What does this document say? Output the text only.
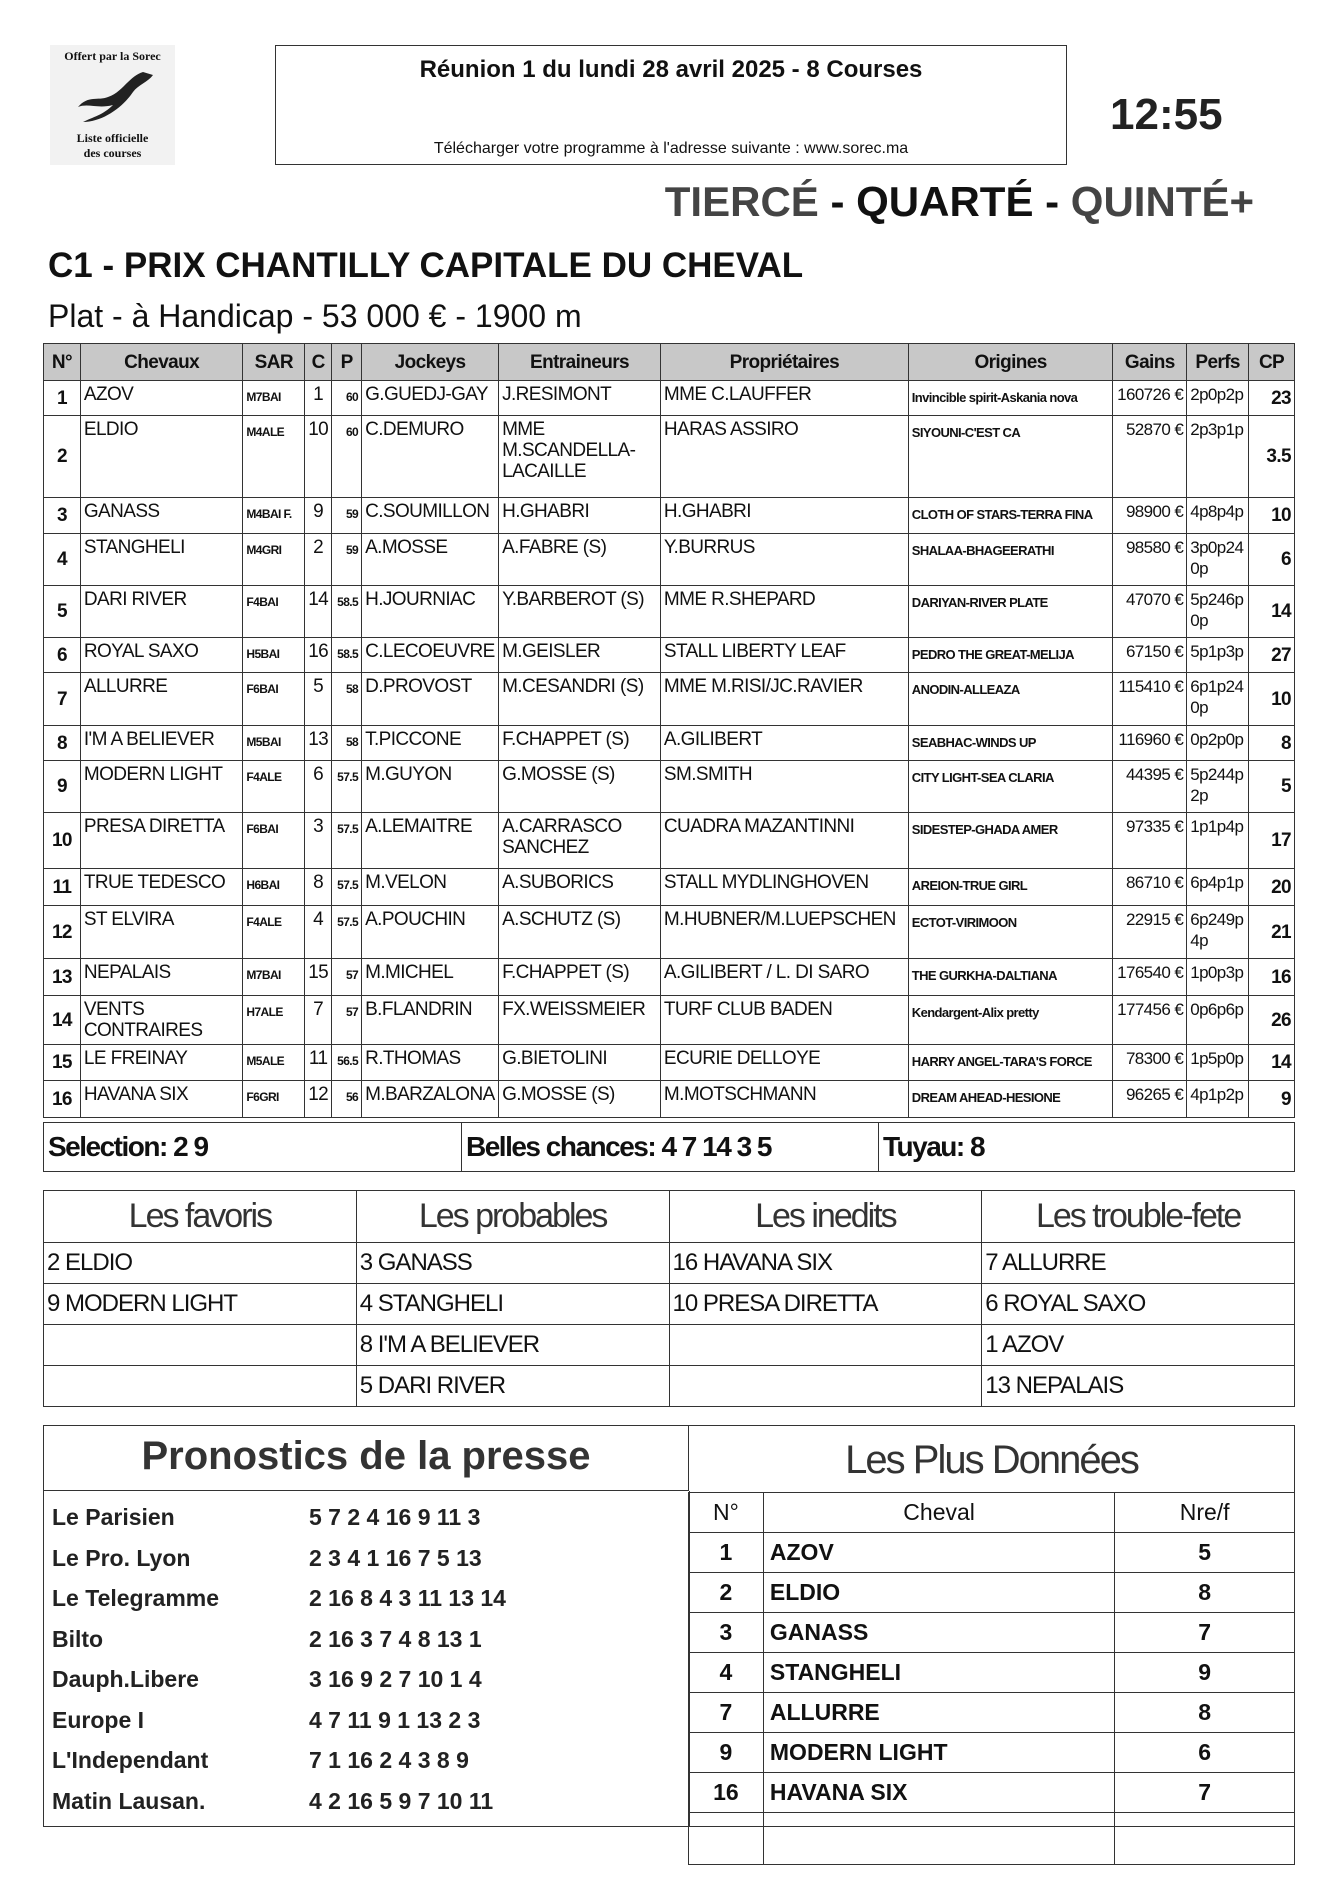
Offert par la Sorec
Liste officielle
des courses
Réunion 1 du lundi 28 avril 2025 - 8 Courses
Télécharger votre programme à l'adresse suivante : www.sorec.ma
12:55
TIERCÉ - QUARTÉ - QUINTÉ+
C1 - PRIX CHANTILLY CAPITALE DU CHEVAL
Plat - à Handicap - 53 000 € - 1900 m
N°	Chevaux	SAR	C	P	Jockeys	Entraineurs	Propriétaires	Origines	Gains	Perfs	CP
1	AZOV	M7BAI	1	60	G.GUEDJ-GAY	J.RESIMONT	MME C.LAUFFER	Invincible spirit-Askania nova	160726 €	2p0p2p	23
2	ELDIO	M4ALE	10	60	C.DEMURO	MME M.SCANDELLA-LACAILLE	HARAS ASSIRO	SIYOUNI-C'EST CA	52870 €	2p3p1p	3.5
3	GANASS	M4BAI F.	9	59	C.SOUMILLON	H.GHABRI	H.GHABRI	CLOTH OF STARS-TERRA FINA	98900 €	4p8p4p	10
4	STANGHELI	M4GRI	2	59	A.MOSSE	A.FABRE (S)	Y.BURRUS	SHALAA-BHAGEERATHI	98580 €	3p0p240p	6
5	DARI RIVER	F4BAI	14	58.5	H.JOURNIAC	Y.BARBEROT (S)	MME R.SHEPARD	DARIYAN-RIVER PLATE	47070 €	5p246p0p	14
6	ROYAL SAXO	H5BAI	16	58.5	C.LECOEUVRE	M.GEISLER	STALL LIBERTY LEAF	PEDRO THE GREAT-MELIJA	67150 €	5p1p3p	27
7	ALLURRE	F6BAI	5	58	D.PROVOST	M.CESANDRI (S)	MME M.RISI/JC.RAVIER	ANODIN-ALLEAZA	115410 €	6p1p240p	10
8	I'M A BELIEVER	M5BAI	13	58	T.PICCONE	F.CHAPPET (S)	A.GILIBERT	SEABHAC-WINDS UP	116960 €	0p2p0p	8
9	MODERN LIGHT	F4ALE	6	57.5	M.GUYON	G.MOSSE (S)	SM.SMITH	CITY LIGHT-SEA CLARIA	44395 €	5p244p2p	5
10	PRESA DIRETTA	F6BAI	3	57.5	A.LEMAITRE	A.CARRASCO SANCHEZ	CUADRA MAZANTINNI	SIDESTEP-GHADA AMER	97335 €	1p1p4p	17
11	TRUE TEDESCO	H6BAI	8	57.5	M.VELON	A.SUBORICS	STALL MYDLINGHOVEN	AREION-TRUE GIRL	86710 €	6p4p1p	20
12	ST ELVIRA	F4ALE	4	57.5	A.POUCHIN	A.SCHUTZ (S)	M.HUBNER/M.LUEPSCHEN	ECTOT-VIRIMOON	22915 €	6p249p4p	21
13	NEPALAIS	M7BAI	15	57	M.MICHEL	F.CHAPPET (S)	A.GILIBERT / L. DI SARO	THE GURKHA-DALTIANA	176540 €	1p0p3p	16
14	VENTS CONTRAIRES	H7ALE	7	57	B.FLANDRIN	FX.WEISSMEIER	TURF CLUB BADEN	Kendargent-Alix pretty	177456 €	0p6p6p	26
15	LE FREINAY	M5ALE	11	56.5	R.THOMAS	G.BIETOLINI	ECURIE DELLOYE	HARRY ANGEL-TARA'S FORCE	78300 €	1p5p0p	14
16	HAVANA SIX	F6GRI	12	56	M.BARZALONA	G.MOSSE (S)	M.MOTSCHMANN	DREAM AHEAD-HESIONE	96265 €	4p1p2p	9
Selection: 2 9	Belles chances: 4 7 14 3 5	Tuyau: 8
Les favoris	Les probables	Les inedits	Les trouble-fete
2 ELDIO	3 GANASS	16 HAVANA SIX	7 ALLURRE
9 MODERN LIGHT	4 STANGHELI	10 PRESA DIRETTA	6 ROYAL SAXO
	8 I'M A BELIEVER		1 AZOV
	5 DARI RIVER		13 NEPALAIS
Pronostics de la presse	Les Plus Données
Le Parisien	5 7 2 4 16 9 11 3
Le Pro. Lyon	2 3 4 1 16 7 5 13
Le Telegramme	2 16 8 4 3 11 13 14
Bilto	2 16 3 7 4 8 13 1
Dauph.Libere	3 16 9 2 7 10 1 4
Europe I	4 7 11 9 1 13 2 3
L'Independant	7 1 16 2 4 3 8 9
Matin Lausan.	4 2 16 5 9 7 10 11
N°	Cheval	Nre/f
1	AZOV	5
2	ELDIO	8
3	GANASS	7
4	STANGHELI	9
7	ALLURRE	8
9	MODERN LIGHT	6
16	HAVANA SIX	7
